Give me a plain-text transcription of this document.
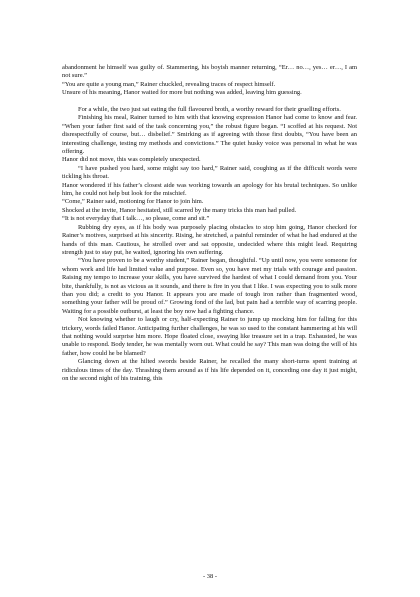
abandonment he himself was guilty of. Stammering, his boyish manner returning, “Er… no…, yes… er…, I am not sure.”

“You are quite a young man,” Rainer chuckled, revealing traces of respect himself.

Unsure of his meaning, Hanor waited for more but nothing was added, leaving him guessing.

For a while, the two just sat eating the full flavoured broth, a worthy reward for their gruelling efforts.

Finishing his meal, Rainer turned to him with that knowing expression Hanor had come to know and fear. “When your father first said of the task concerning you,” the robust figure began. “I scoffed at his request. Not disrespectfully of course, but… disbelief.” Smirking as if agreeing with those first doubts, “You have been an interesting challenge, testing my methods and convictions.” The quiet husky voice was personal in what he was offering.

Hanor did not move, this was completely unexpected.

“I have pushed you hard, some might say too hard,” Rainer said, coughing as if the difficult words were tickling his throat.

Hanor wondered if his father’s closest aide was working towards an apology for his brutal techniques. So unlike him, he could not help but look for the mischief.

“Come,” Rainer said, motioning for Hanor to join him.

Shocked at the invite, Hanor hesitated, still scarred by the many tricks this man had pulled.

“It is not everyday that I talk…, so please, come and sit.”

Rubbing dry eyes, as if his body was purposely placing obstacles to stop him going, Hanor checked for Rainer’s motives, surprised at his sincerity. Rising, he stretched, a painful reminder of what he had endured at the hands of this man. Cautious, he strolled over and sat opposite, undecided where this might lead. Requiring strength just to stay put, he waited, ignoring his own suffering.

“You have proven to be a worthy student,” Rainer began, thoughtful. “Up until now, you were someone for whom work and life had limited value and purpose. Even so, you have met my trials with courage and passion. Raising my tempo to increase your skills, you have survived the hardest of what I could demand from you. Your bite, thankfully, is not as vicious as it sounds, and there is fire in you that I like. I was expecting you to sulk more than you did; a credit to you Hanor. It appears you are made of tough iron rather than fragmented wood, something your father will be proud of.” Growing fond of the lad, but pain had a terrible way of scarring people. Waiting for a possible outburst, at least the boy now had a fighting chance.

Not knowing whether to laugh or cry, half-expecting Rainer to jump up mocking him for falling for this trickery, words failed Hanor. Anticipating further challenges, he was so used to the constant hammering at his will that nothing would surprise him more. Hope floated close, swaying like treasure set in a trap. Exhausted, he was unable to respond. Body tender, he was mentally worn out. What could he say? This man was doing the will of his father, how could he be blamed?

Glancing down at the hilted swords beside Rainer, he recalled the many short-turns spent training at ridiculous times of the day. Thrashing them around as if his life depended on it, conceding one day it just might, on the second night of his training, this

- 38 -
